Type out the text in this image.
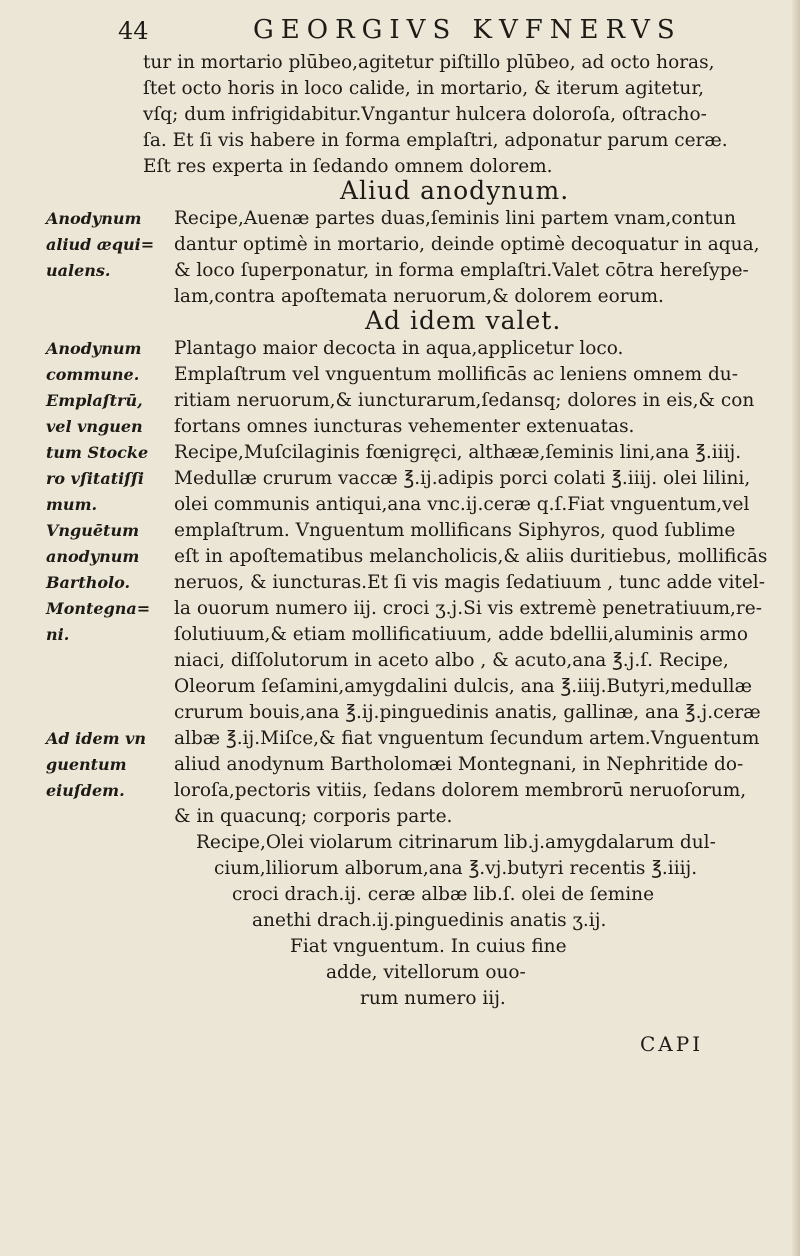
44	GEORGIVS KVFNERVS
tur in mortario plūbeo,agitetur piſtillo plūbeo, ad octo horas,
ſtet octo horis in loco calide, in mortario, & iterum agitetur,
vſq; dum infrigidabitur.Vngantur hulcera doloroſa, oſtracho-
ſa. Et ſi vis habere in forma emplaſtri, adponatur parum ceræ.
Eſt res experta in ſedando omnem dolorem.
Aliud anodynum.
Recipe,Auenæ partes duas,ſeminis lini partem vnam,contun
dantur optimè in mortario, deinde optimè decoquatur in aqua,
& loco ſuperponatur, in forma emplaſtri.Valet cōtra hereſype-
lam,contra apoſtemata neruorum,& dolorem eorum.
Ad idem valet.
Plantago maior decocta in aqua,applicetur loco.
Emplaſtrum vel vnguentum mollificās ac leniens omnem du-
ritiam neruorum,& iuncturarum,ſedansq; dolores in eis,& con
fortans omnes iuncturas vehementer extenuatas.
Recipe,Muſcilaginis fœnigręci, althææ,ſeminis lini,ana ℥.iiij.
Medullæ crurum vaccæ ℥.ij.adipis porci colati ℥.iiij. olei lilini,
olei communis antiqui,ana vnc.ij.ceræ q.ſ.Fiat vnguentum,vel
emplaſtrum. Vnguentum mollificans Siphyros, quod ſublime
eſt in apoſtematibus melancholicis,& aliis duritiebus, mollificās
neruos, & iuncturas.Et ſi vis magis ſedatiuum , tunc adde vitel-
la ouorum numero iij. croci ʒ.j.Si vis extremè penetratiuum,re-
ſolutiuum,& etiam mollificatiuum, adde bdellii,aluminis armo
niaci, diſſolutorum in aceto albo , & acuto,ana ℥.j.ſ. Recipe,
Oleorum ſeſamini,amygdalini dulcis, ana ℥.iiij.Butyri,medullæ
crurum bouis,ana ℥.ij.pinguedinis anatis, gallinæ, ana ℥.j.ceræ
albæ ℥.ij.Miſce,& fiat vnguentum ſecundum artem.Vnguentum
aliud anodynum Bartholomæi Montegnani, in Nephritide do-
loroſa,pectoris vitiis, ſedans dolorem membrorū neruoſorum,
& in quacunq; corporis parte.
Recipe,Olei violarum citrinarum lib.j.amygdalarum dul-
cium,liliorum alborum,ana ℥.vj.butyri recentis ℥.iiij.
croci drach.ij. ceræ albæ lib.ſ. olei de ſemine
anethi drach.ij.pinguedinis anatis ʒ.ij.
Fiat vnguentum. In cuius fine
adde, vitellorum ouo-
rum numero iij.
Anodynum
aliud æqui=
ualens.
Anodynum
commune.
Emplaſtrū,
vel vnguen
tum Stocke
ro vſitatiſſi
mum.
Vnguētum
anodynum
Bartholo.
Montegna=
ni.
Ad idem vn
guentum
eiuſdem.
CAPI
